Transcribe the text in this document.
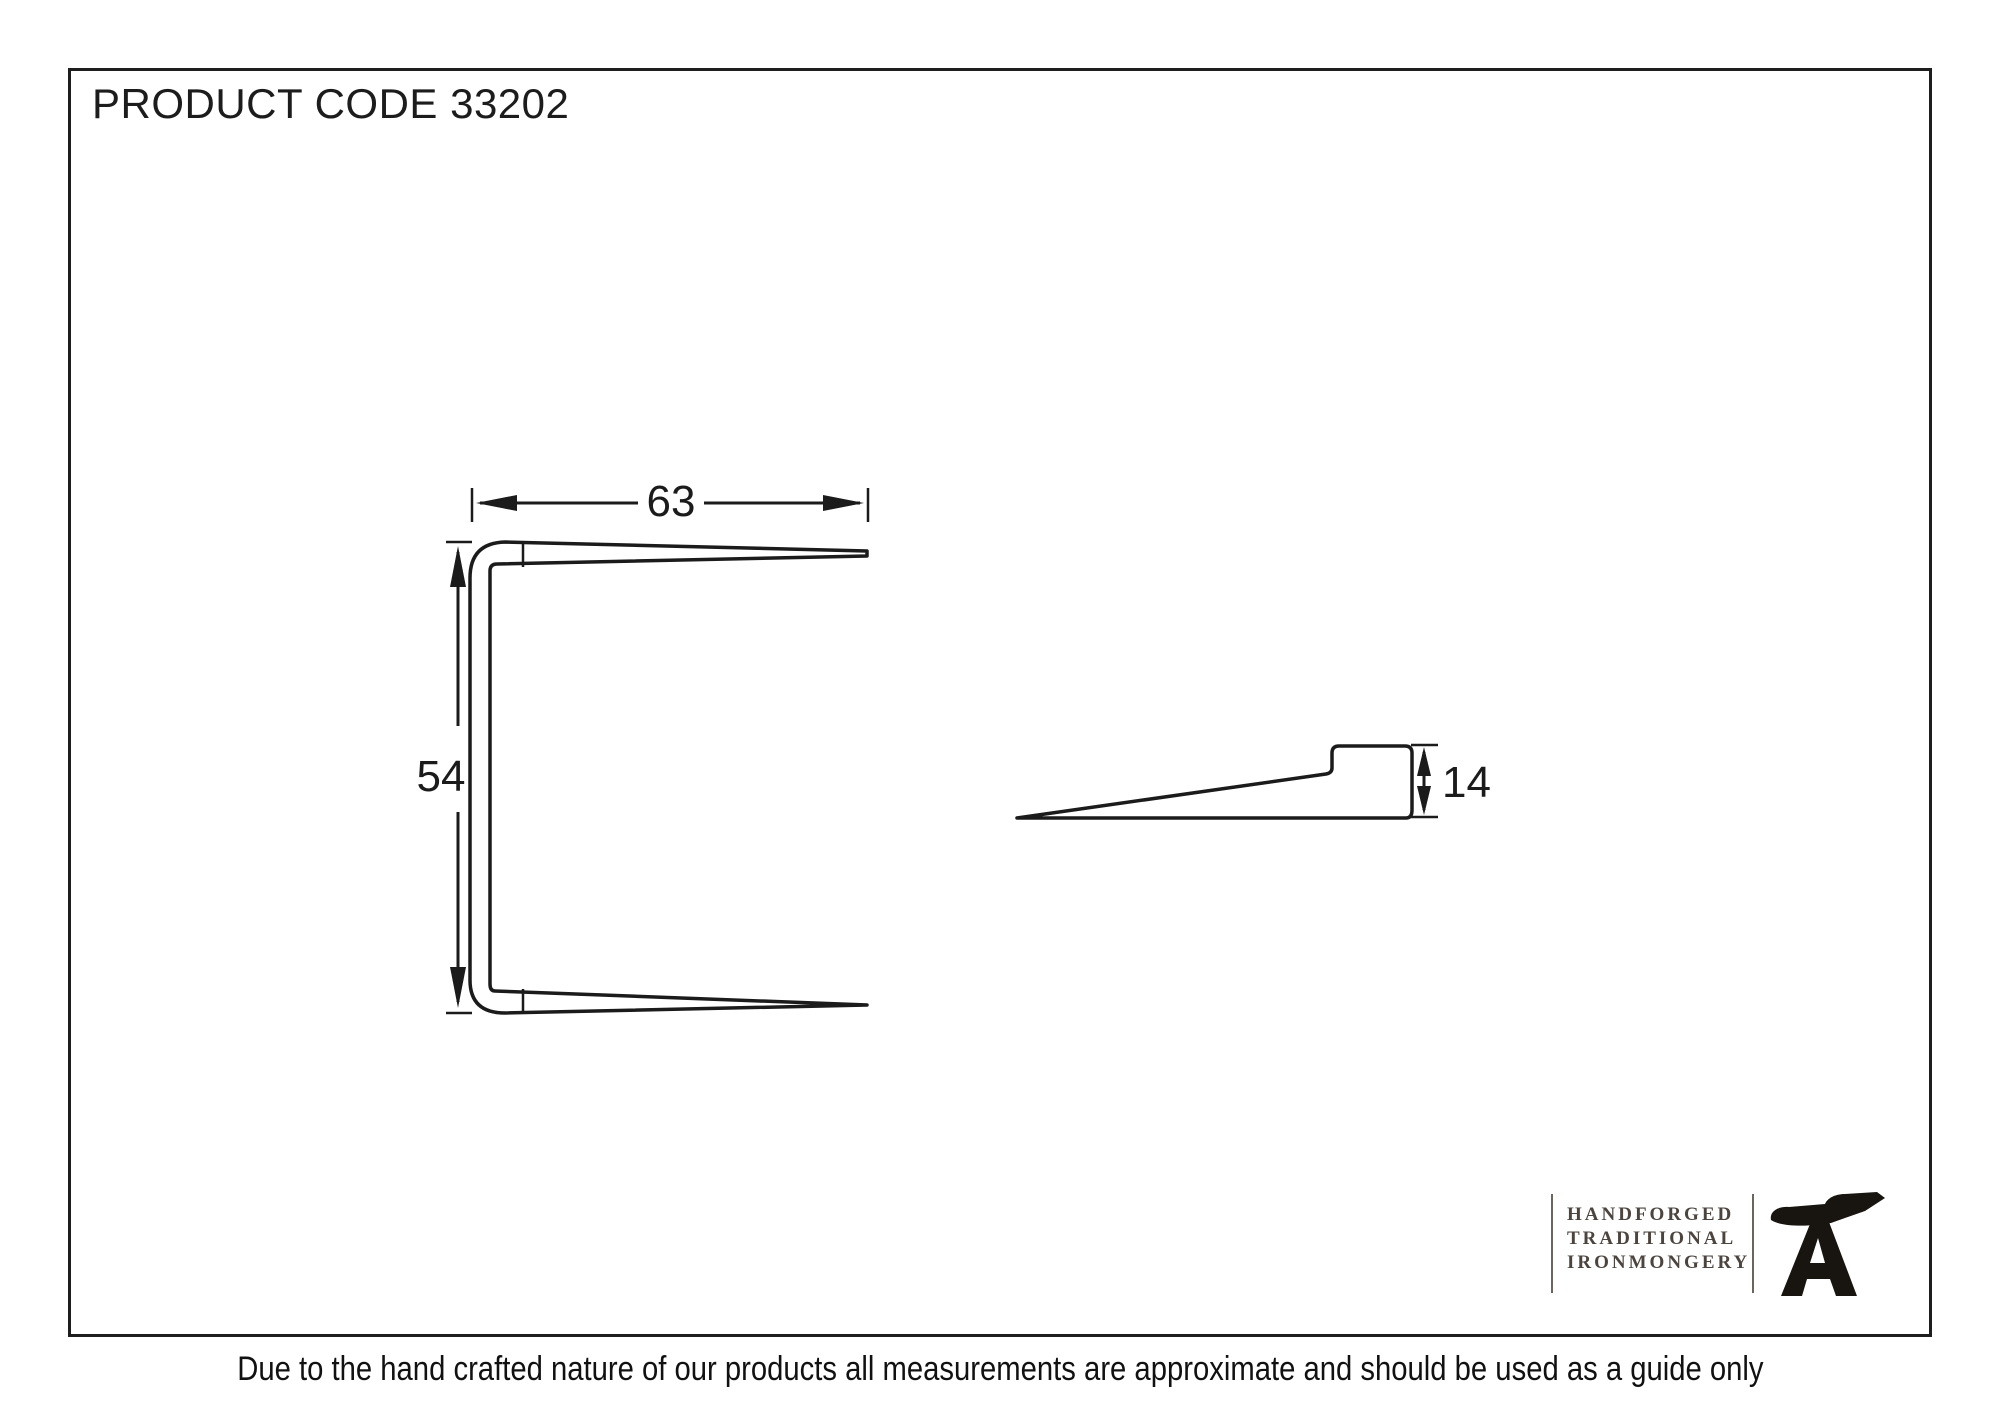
PRODUCT CODE 33202
63
54	14
HANDFORGED
TRADITIONAL
IRONMONGERY
Due to the hand crafted nature of our products all measurements are approximate and should be used as a guide only
